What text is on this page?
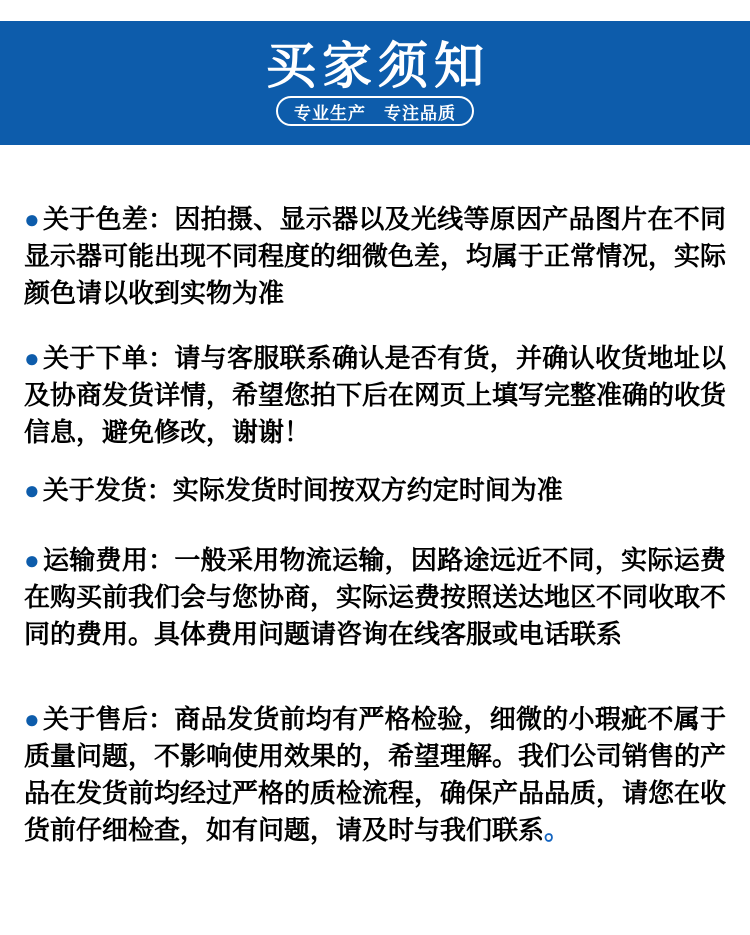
买家须知
专业生产　专注品质

● 关于色差：因拍摄、显示器以及光线等原因产品图片在不同显示器可能出现不同程度的细微色差，均属于正常情况，实际颜色请以收到实物为准

● 关于下单：请与客服联系确认是否有货，并确认收货地址以及协商发货详情，希望您拍下后在网页上填写完整准确的收货信息，避免修改，谢谢！

● 关于发货：实际发货时间按双方约定时间为准

● 运输费用：一般采用物流运输，因路途远近不同，实际运费在购买前我们会与您协商，实际运费按照送达地区不同收取不同的费用。具体费用问题请咨询在线客服或电话联系

● 关于售后：商品发货前均有严格检验，细微的小瑕疵不属于质量问题，不影响使用效果的，希望理解。我们公司销售的产品在发货前均经过严格的质检流程，确保产品品质，请您在收货前仔细检查，如有问题，请及时与我们联系。
